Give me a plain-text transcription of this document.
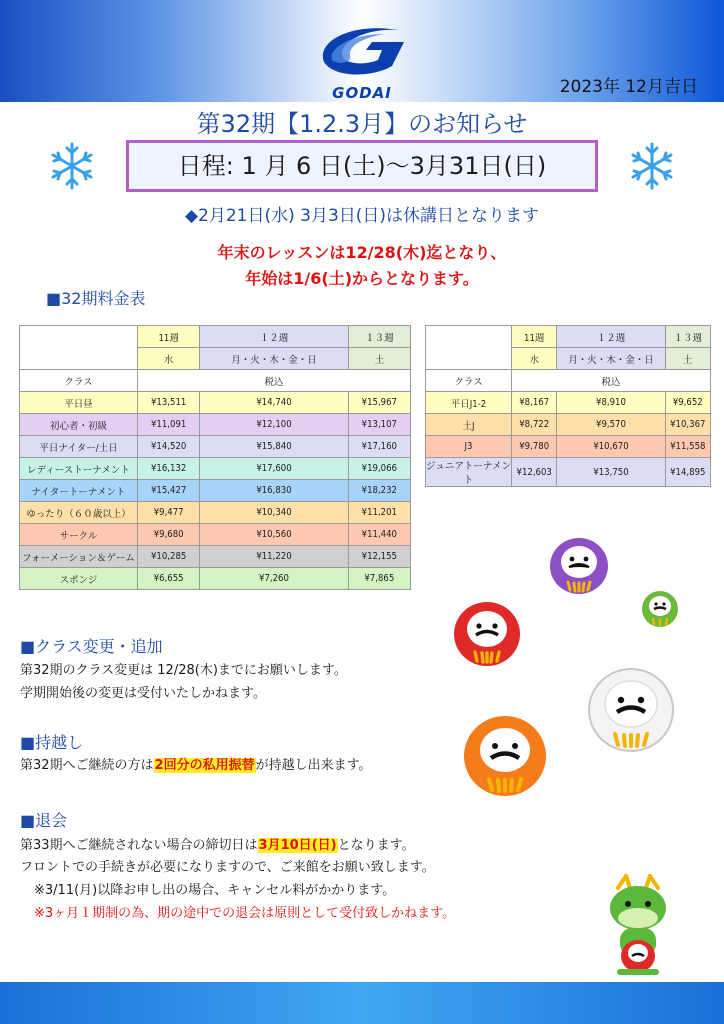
GODAI	2023年 12月吉日
第32期【1.2.3月】のお知らせ
日程: 1 月 6 日(土)〜3月31日(日)
◆2月21日(水) 3月3日(日)は休講日となります
年末のレッスンは12/28(木)迄となり、
年始は1/6(土)からとなります。
■32期料金表
	11週	１２週	１３週
	水	月・火・木・金・日	土
クラス	税込		
平日昼	¥13,511	¥14,740	¥15,967
初心者・初級	¥11,091	¥12,100	¥13,107
平日ナイター/土日	¥14,520	¥15,840	¥17,160
レディーストーナメント	¥16,132	¥17,600	¥19,066
ナイタートーナメント	¥15,427	¥16,830	¥18,232
ゆったり（６０歳以上）	¥9,477	¥10,340	¥11,201
サークル	¥9,680	¥10,560	¥11,440
フォーメーション＆ゲーム	¥10,285	¥11,220	¥12,155
スポンジ	¥6,655	¥7,260	¥7,865
	11週	１２週	１３週
	水	月・火・木・金・日	土
クラス	税込		
平日J1-2	¥8,167	¥8,910	¥9,652
土J	¥8,722	¥9,570	¥10,367
J3	¥9,780	¥10,670	¥11,558
ジュニアトーナメント	¥12,603	¥13,750	¥14,895
■クラス変更・追加
第32期のクラス変更は 12/28(木)までにお願いします。
学期開始後の変更は受付いたしかねます。
■持越し
第32期へご継続の方は2回分の私用振替が持越し出来ます。
■退会
第33期へご継続されない場合の締切日は3月10日(日)となります。
フロントでの手続きが必要になりますので、ご来館をお願い致します。
※3/11(月)以降お申し出の場合、キャンセル料がかかります。
※3ヶ月１期制の為、期の途中での退会は原則として受付致しかねます。
